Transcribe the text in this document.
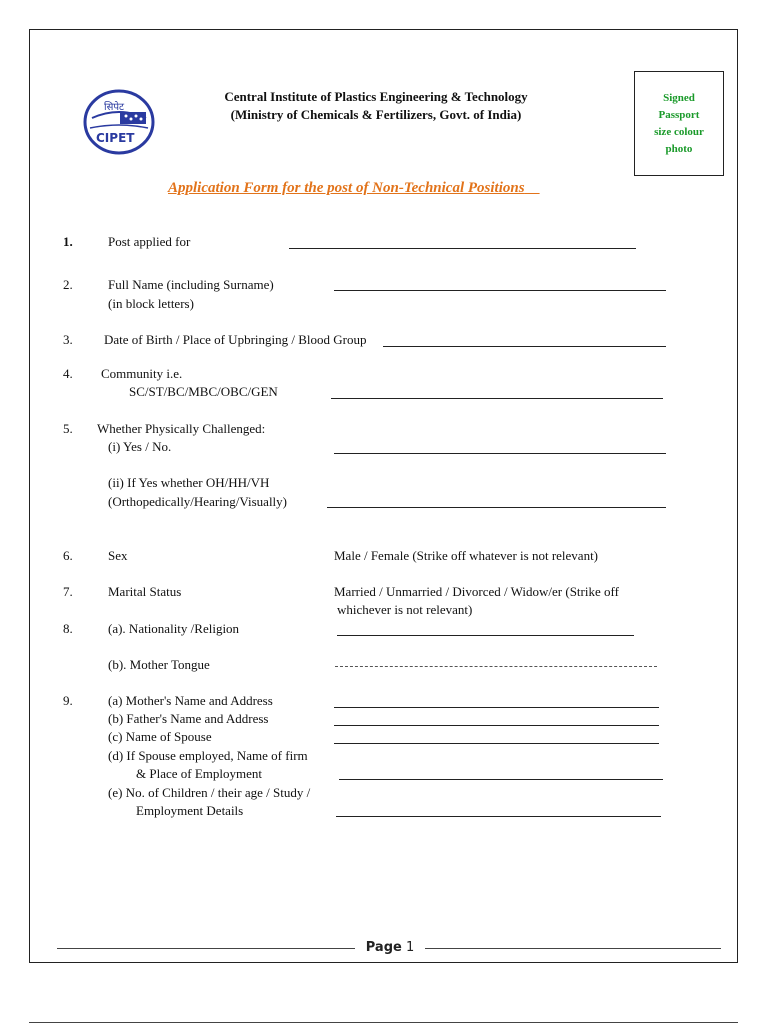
सिपेट
CIPET
Central Institute of Plastics Engineering & Technology
(Ministry of Chemicals & Fertilizers, Govt. of India)
Signed
Passport
size colour
photo
Application Form for the post of Non-Technical Positions
1.	Post applied for
2.	Full Name (including Surname)
(in block letters)
3. Date of Birth / Place of Upbringing / Blood Group
4. Community i.e.
SC/ST/BC/MBC/OBC/GEN
5. Whether Physically Challenged:
(i) Yes / No.
(ii) If Yes whether OH/HH/VH
(Orthopedically/Hearing/Visually)
6.	Sex	Male / Female (Strike off whatever is not relevant)
7.	Marital Status	Married / Unmarried / Divorced / Widow/er (Strike off
whichever is not relevant)
8.	(a). Nationality /Religion
(b). Mother Tongue
9.	(a) Mother's Name and Address
(b) Father's Name and Address
(c) Name of Spouse
(d) If Spouse employed, Name of firm
& Place of Employment
(e) No. of Children / their age / Study /
Employment Details
Page 1
